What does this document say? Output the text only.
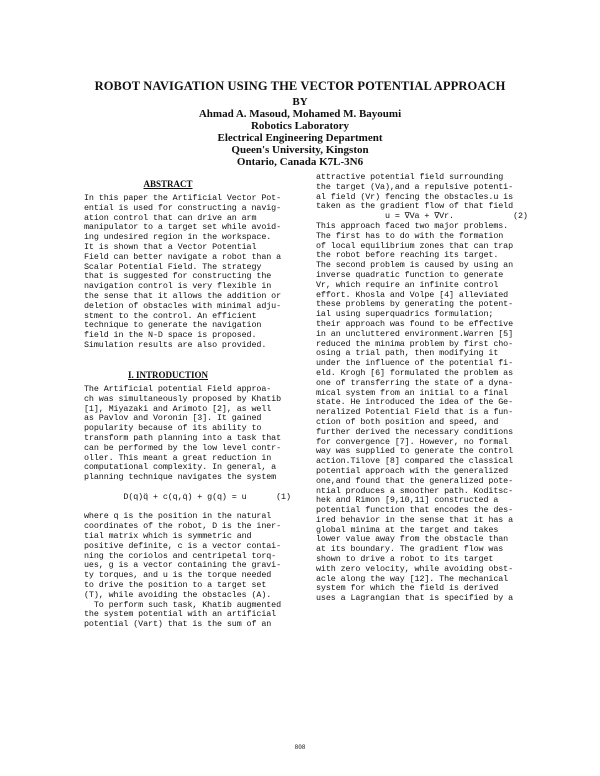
ROBOT NAVIGATION USING THE VECTOR POTENTIAL APPROACH
BY
Ahmad A. Masoud, Mohamed M. Bayoumi
Robotics Laboratory
Electrical Engineering Department
Queen's University, Kingston
Ontario, Canada K7L-3N6
ABSTRACT
In this paper the Artificial Vector Pot-
ential is used for constructing a navig-
ation control that can drive an arm
manipulator to a target set while avoid-
ing undesired region in the workspace.
It is shown that a Vector Potential
Field can better navigate a robot than a
Scalar Potential Field. The strategy
that is suggested for constructing the
navigation control is very flexible in
the sense that it allows the addition or
deletion of obstacles with minimal adju-
stment to the control. An efficient
technique to generate the navigation
field in the N-D space is proposed.
Simulation results are also provided.
I. INTRODUCTION
The Artificial potential Field approa-
ch was simultaneously proposed by Khatib
[1], Miyazaki and Arimoto [2], as well
as Pavlov and Voronin [3]. It gained
popularity because of its ability to
transform path planning into a task that
can be performed by the low level contr-
oller. This meant a great reduction in
computational complexity. In general, a
planning technique navigates the system
D(q)q̈ + c(q,q̇) + g(q) = u      (1)
where q is the position in the natural
coordinates of the robot, D is the iner-
tial matrix which is symmetric and
positive definite, c is a vector contai-
ning the coriolos and centripetal torq-
ues, g is a vector containing the gravi-
ty torques, and u is the torque needed
to drive the position to a target set
(T), while avoiding the obstacles (A).
To perform such task, Khatib augmented
the system potential with an artificial
potential (Vart) that is the sum of an
attractive potential field surrounding
the target (Va),and a repulsive potenti-
al field (Vr) fencing the obstacles.u is
taken as the gradient flow of that field
u = ∇Va + ∇Vr.            (2)
This approach faced two major problems.
The first has to do with the formation
of local equilibrium zones that can trap
the robot before reaching its target.
The second problem is caused by using an
inverse quadratic function to generate
Vr, which require an infinite control
effort. Khosla and Volpe [4] alleviated
these problems by generating the potent-
ial using superquadrics formulation;
their approach was found to be effective
in an uncluttered environment.Warren [5]
reduced the minima problem by first cho-
osing a trial path, then modifying it
under the influence of the potential fi-
eld. Krogh [6] formulated the problem as
one of transferring the state of a dyna-
mical system from an initial to a final
state. He introduced the idea of the Ge-
neralized Potential Field that is a fun-
ction of both position and speed, and
further derived the necessary conditions
for convergence [7]. However, no formal
way was supplied to generate the control
action.Tilove [8] compared the classical
potential approach with the generalized
one,and found that the generalized pote-
ntial produces a smoother path. Koditsc-
hek and Rimon [9,10,11] constructed a
potential function that encodes the des-
ired behavior in the sense that it has a
global minima at the target and takes
lower value away from the obstacle than
at its boundary. The gradient flow was
shown to drive a robot to its target
with zero velocity, while avoiding obst-
acle along the way [12]. The mechanical
system for which the field is derived
uses a Lagrangian that is specified by a
808
